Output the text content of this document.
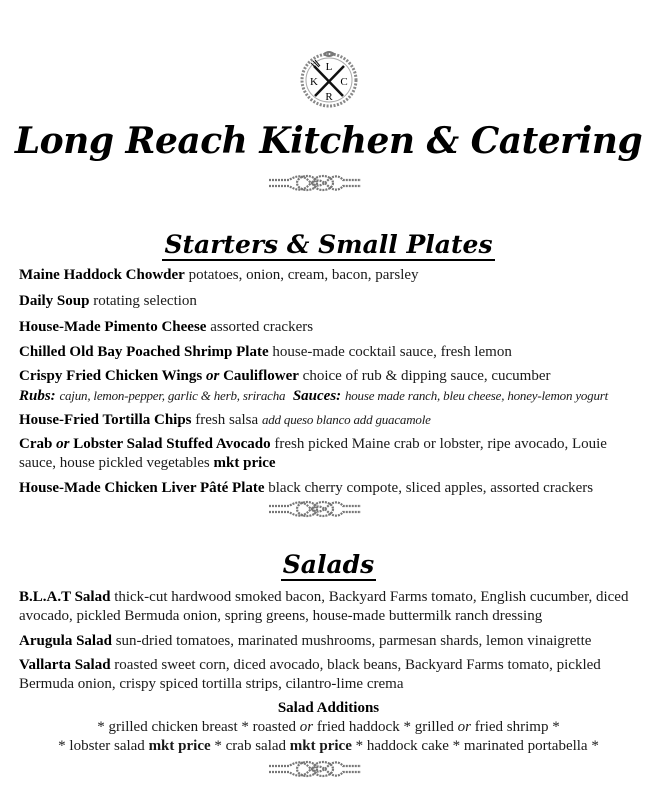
L
K C
R
Long Reach Kitchen & Catering
Starters & Small Plates
Maine Haddock Chowder potatoes, onion, cream, bacon, parsley
Daily Soup rotating selection
House-Made Pimento Cheese assorted crackers
Chilled Old Bay Poached Shrimp Plate house-made cocktail sauce, fresh lemon
Crispy Fried Chicken Wings or Cauliflower choice of rub & dipping sauce, cucumber
Rubs: cajun, lemon-pepper, garlic & herb, sriracha Sauces: house made ranch, bleu cheese, honey-lemon yogurt
House-Fried Tortilla Chips fresh salsa add queso blanco add guacamole
Crab or Lobster Salad Stuffed Avocado fresh picked Maine crab or lobster, ripe avocado, Louie sauce, house pickled vegetables mkt price
House-Made Chicken Liver Pâté Plate black cherry compote, sliced apples, assorted crackers
Salads
B.L.A.T Salad thick-cut hardwood smoked bacon, Backyard Farms tomato, English cucumber, diced avocado, pickled Bermuda onion, spring greens, house-made buttermilk ranch dressing
Arugula Salad sun-dried tomatoes, marinated mushrooms, parmesan shards, lemon vinaigrette
Vallarta Salad roasted sweet corn, diced avocado, black beans, Backyard Farms tomato, pickled Bermuda onion, crispy spiced tortilla strips, cilantro-lime crema
Salad Additions
* grilled chicken breast * roasted or fried haddock * grilled or fried shrimp *
* lobster salad mkt price * crab salad mkt price * haddock cake * marinated portabella *
